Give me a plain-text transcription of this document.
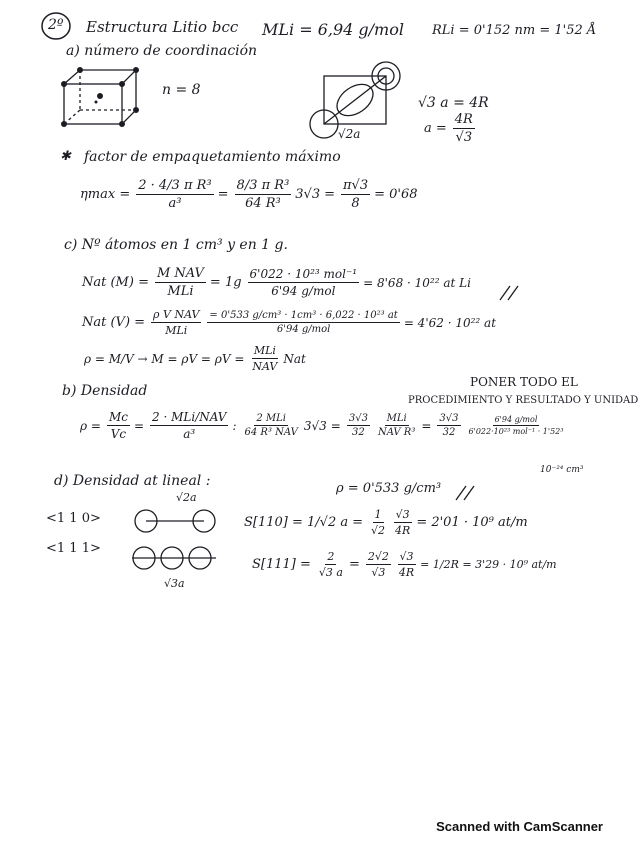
2º Estructura Litio bcc MLi = 6,94 g/mol RLi = 0'152 nm = 1'52 Å
a) número de coordinación
n = 8
√2a
√3 a = 4R
$a = \frac{4R}{√3}$
✱ factor de empaquetamiento máximo
$\eta\max = \frac{\text{2 · 4/3 π R³}}{\text{a³}} = \frac{\text{8/3 π R³}}{\text{64 R³}} 3√3 = \frac{\pi√3}{8} = 0'68$
c) Nº átomos en 1 cm³ y en 1 g.
Nat $(M) = \frac{\text{M NAV}}{\text{MLi}} = 1g \frac{\text{6'022 · 10²³ mol⁻¹}}{\text{6'94 g/mol}} = 8'68 \cdot 10^{22}$ at Li
Nat $(V) = \frac{\text{ρ V NAV}}{\text{MLi}} \frac{\text{= 0'533 g/cm³ · 1cm³ · 6,022 · 10²³ at}}{\text{6'94 g/mol}} = 4'62 \cdot 10^{22}$ at
$\rho = M/V \to M = \rho V = \rho V = \frac{\text{MLi}}{\text{NAV}}$ Nat
b) Densidad
PONER TODO EL
PROCEDIMIENTO Y RESULTADO Y UNIDAD
$\rho = \frac{Mc}{Vc} = \frac{\text{2 · MLi/NAV}}{\text{a³}}$ : $\frac{\text{2 MLi}}{\text{64 R³ NAV}} 3√3 = \frac{3√3}{32} \frac{\text{MLi}}{\text{NAV R³}} = \frac{3√3}{32} \frac{\text{6'94 g/mol}}{\text{6'022·10²³ mol⁻¹ · 1'52³}}$
10⁻²⁴ cm³
ρ = 0'533 g/cm³
d) Densidad at lineal :
√2a
<1 1 0>	S[110] = 1/√2 $a = \frac{1}{√2} \frac{√3}{4R} = 2'01 \cdot 10^9$ at/m
<1 1 1>
√3a
$S[111] = \frac{2}{√3 a} = \frac{2√2}{√3} \frac{√3}{4R} = 1/2R = 3'29 \cdot 10^9$ at/m
Scanned with CamScanner
